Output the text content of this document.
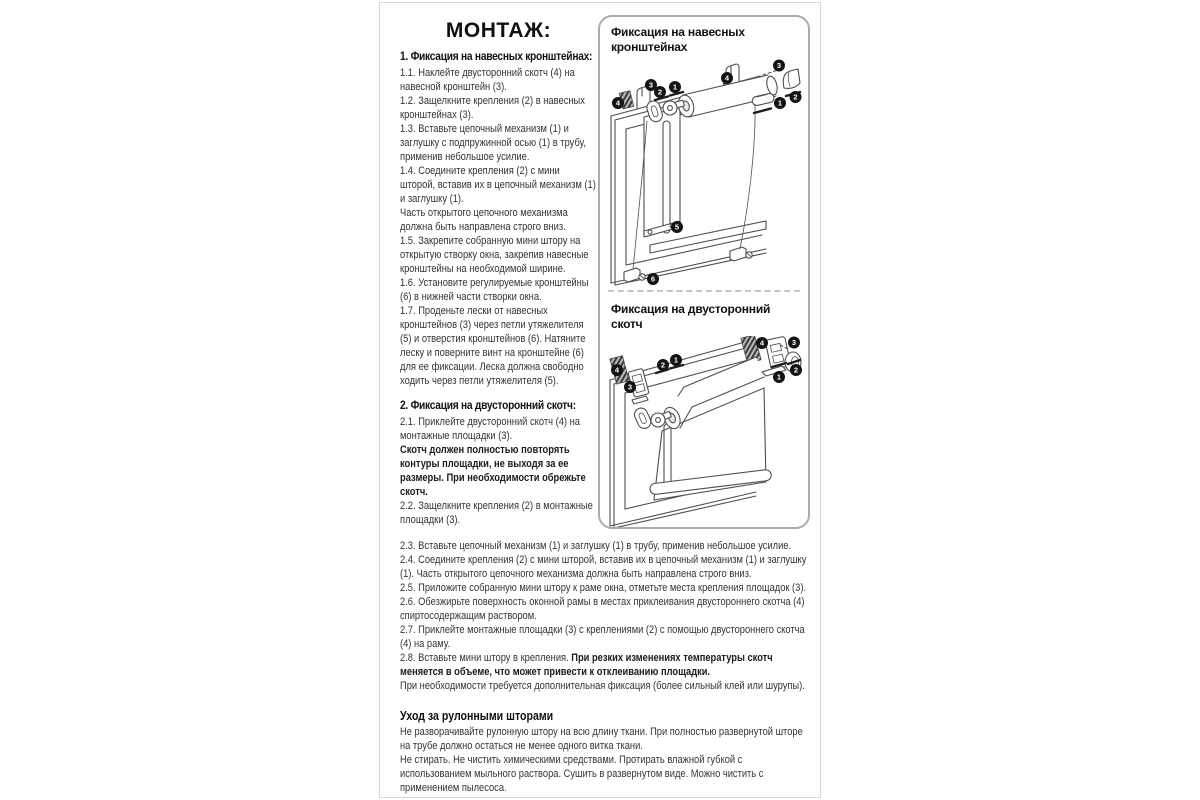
МОНТАЖ:
1. Фиксация на навесных кронштейнах:

1.1. Наклейте двусторонний скотч (4) на навесной кронштейн (3).

1.2. Защелкните крепления (2) в навесных кронштейнах (3).

1.3. Вставьте цепочный механизм (1) и заглушку с подпружинной осью (1) в трубу, применив небольшое усилие.

1.4. Соедините крепления (2) с мини шторой, вставив их в цепочный механизм (1) и заглушку (1).

Часть открытого цепочного механизма должна быть направлена строго вниз.

1.5. Закрепите собранную мини штору на открытую створку окна, закрепив навесные кронштейны на необходимой ширине.

1.6. Установите регулируемые кронштейны (6) в нижней части створки окна.

1.7. Проденьте лески от навесных кронштейнов (3) через петли утяжелителя (5) и отверстия кронштейнов (6). Натяните леску и поверните винт на кронштейне (6) для ее фиксации. Леска должна свободно ходить через петли утяжелителя (5).

2. Фиксация на двусторонний скотч:

2.1. Приклейте двусторонний скотч (4) на монтажные площадки (3).

Скотч должен полностью повторять контуры площадки, не выходя за ее размеры. При необходимости обрежьте скотч.

2.2. Защелкните крепления (2) в монтажные площадки (3).

Фиксация на навесных кронштейнах
3
2
1
4
3
4	1
2
5
6
Фиксация на двусторонний скотч
2
1
4
3
4	3
2
1

2.3. Вставьте цепочный механизм (1) и заглушку (1) в трубу, применив небольшое усилие.

2.4. Соедините крепления (2) с мини шторой, вставив их в цепочный механизм (1) и заглушку (1). Часть открытого цепочного механизма должна быть направлена строго вниз.

2.5. Приложите собранную мини штору к раме окна, отметьте места крепления площадок (3).

2.6. Обезжирьте поверхность оконной рамы в местах приклеивания двустороннего скотча (4) спиртосодержащим раствором.

2.7. Приклейте монтажные площадки (3) с креплениями (2) с помощью двустороннего скотча (4) на раму.

2.8. Вставьте мини штору в крепления. При резких изменениях температуры скотч меняется в объеме, что может привести к отклеиванию площадки.

При необходимости требуется дополнительная фиксация (более сильный клей или шурупы).

Уход за рулонными шторами

Не разворачивайте рулонную штору на всю длину ткани. При полностью развернутой шторе на трубе должно остаться не менее одного витка ткани.

Не стирать. Не чистить химическими средствами. Протирать влажной губкой с использованием мыльного раствора. Сушить в развернутом виде. Можно чистить с применением пылесоса.
